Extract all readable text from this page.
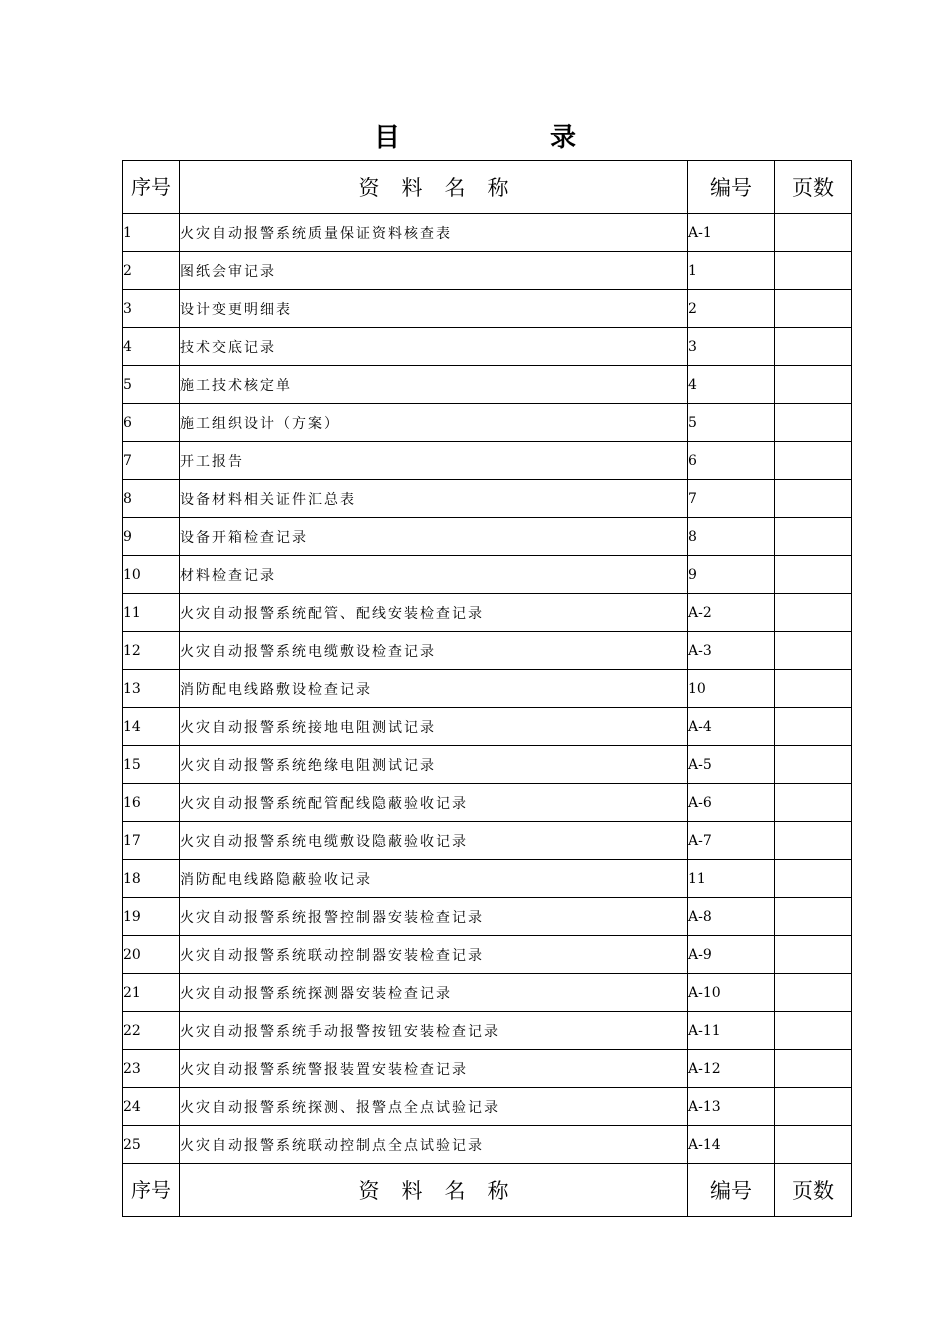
目　录
序号	资料名称	编号	页数
1	火灾自动报警系统质量保证资料核查表	A-1	
2	图纸会审记录	1	
3	设计变更明细表	2	
4	技术交底记录	3	
5	施工技术核定单	4	
6	施工组织设计（方案）	5	
7	开工报告	6	
8	设备材料相关证件汇总表	7	
9	设备开箱检查记录	8	
10	材料检查记录	9	
11	火灾自动报警系统配管、配线安装检查记录	A-2	
12	火灾自动报警系统电缆敷设检查记录	A-3	
13	消防配电线路敷设检查记录	10	
14	火灾自动报警系统接地电阻测试记录	A-4	
15	火灾自动报警系统绝缘电阻测试记录	A-5	
16	火灾自动报警系统配管配线隐蔽验收记录	A-6	
17	火灾自动报警系统电缆敷设隐蔽验收记录	A-7	
18	消防配电线路隐蔽验收记录	11	
19	火灾自动报警系统报警控制器安装检查记录	A-8	
20	火灾自动报警系统联动控制器安装检查记录	A-9	
21	火灾自动报警系统探测器安装检查记录	A-10	
22	火灾自动报警系统手动报警按钮安装检查记录	A-11	
23	火灾自动报警系统警报装置安装检查记录	A-12	
24	火灾自动报警系统探测、报警点全点试验记录	A-13	
25	火灾自动报警系统联动控制点全点试验记录	A-14	
序号	资料名称	编号	页数
